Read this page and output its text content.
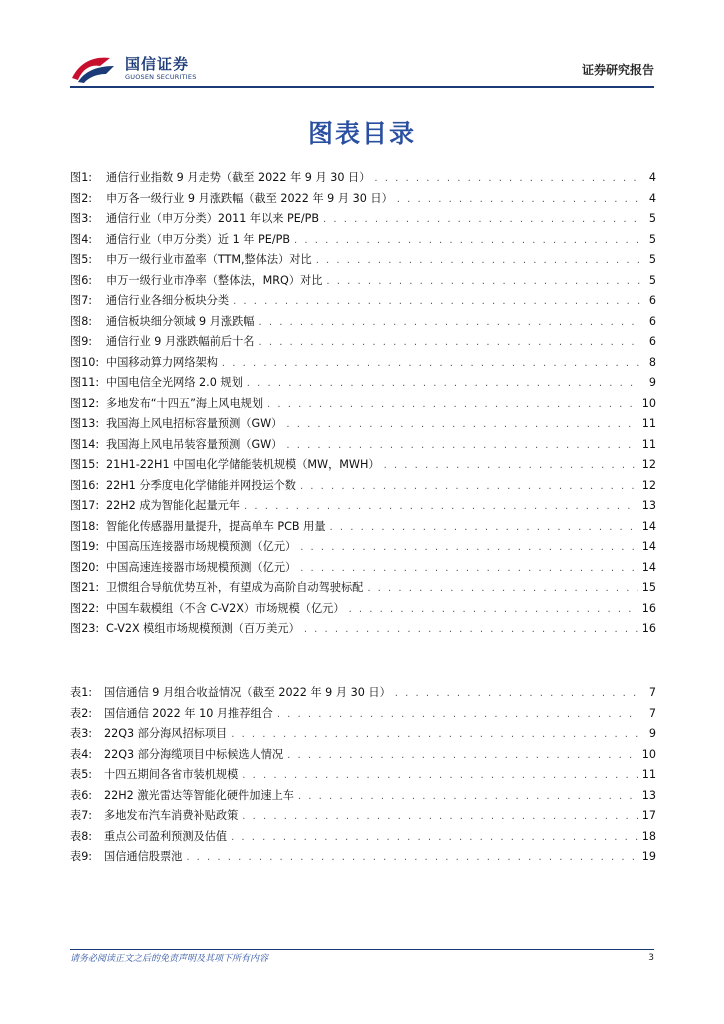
国信证券
GUOSEN SECURITIES	证券研究报告
图表目录
图1:	通信行业指数 9 月走势（截至 2022 年 9 月 30 日） . . .	4
图2:	申万各一级行业 9 月涨跌幅（截至 2022 年 9 月 30 日） . . .	4
图3:	通信行业（申万分类）2011 年以来 PE/PB . . .	5
图4:	通信行业（申万分类）近 1 年 PE/PB . . .	5
图5:	申万一级行业市盈率（TTM,整体法）对比 . . .	5
图6:	申万一级行业市净率（整体法，MRQ）对比 . . .	5
图7:	通信行业各细分板块分类 . . .	6
图8:	通信板块细分领域 9 月涨跌幅 . . .	6
图9:	通信行业 9 月涨跌幅前后十名 . . .	6
图10: 中国移动算力网络架构 . . .	8
图11: 中国电信全光网络 2.0 规划 . . .	9
图12: 多地发布“十四五”海上风电规划 . . .	10
图13: 我国海上风电招标容量预测（GW） . . .	11
图14: 我国海上风电吊装容量预测（GW） . . .	11
图15: 21H1-22H1 中国电化学储能装机规模（MW，MWH） . . .	12
图16: 22H1 分季度电化学储能并网投运个数 . . .	12
图17: 22H2 成为智能化起量元年 . . .	13
图18: 智能化传感器用量提升，提高单车 PCB 用量 . . .	14
图19: 中国高压连接器市场规模预测（亿元） . . .	14
图20: 中国高速连接器市场规模预测（亿元） . . .	14
图21: 卫惯组合导航优势互补，有望成为高阶自动驾驶标配 . . .	15
图22: 中国车载模组（不含 C-V2X）市场规模（亿元） . . .	16
图23: C-V2X 模组市场规模预测（百万美元） . . .	16
表1:	国信通信 9 月组合收益情况（截至 2022 年 9 月 30 日） . . .	7
表2:	国信通信 2022 年 10 月推荐组合 . . .	7
表3:	22Q3 部分海风招标项目 . . .	9
表4:	22Q3 部分海缆项目中标候选人情况 . . .	10
表5:	十四五期间各省市装机规模 . . .	11
表6:	22H2 激光雷达等智能化硬件加速上车 . . .	13
表7:	多地发布汽车消费补贴政策 . . .	17
表8:	重点公司盈利预测及估值 . . .	18
表9:	国信通信股票池 . . .	19
请务必阅读正文之后的免责声明及其项下所有内容	3
